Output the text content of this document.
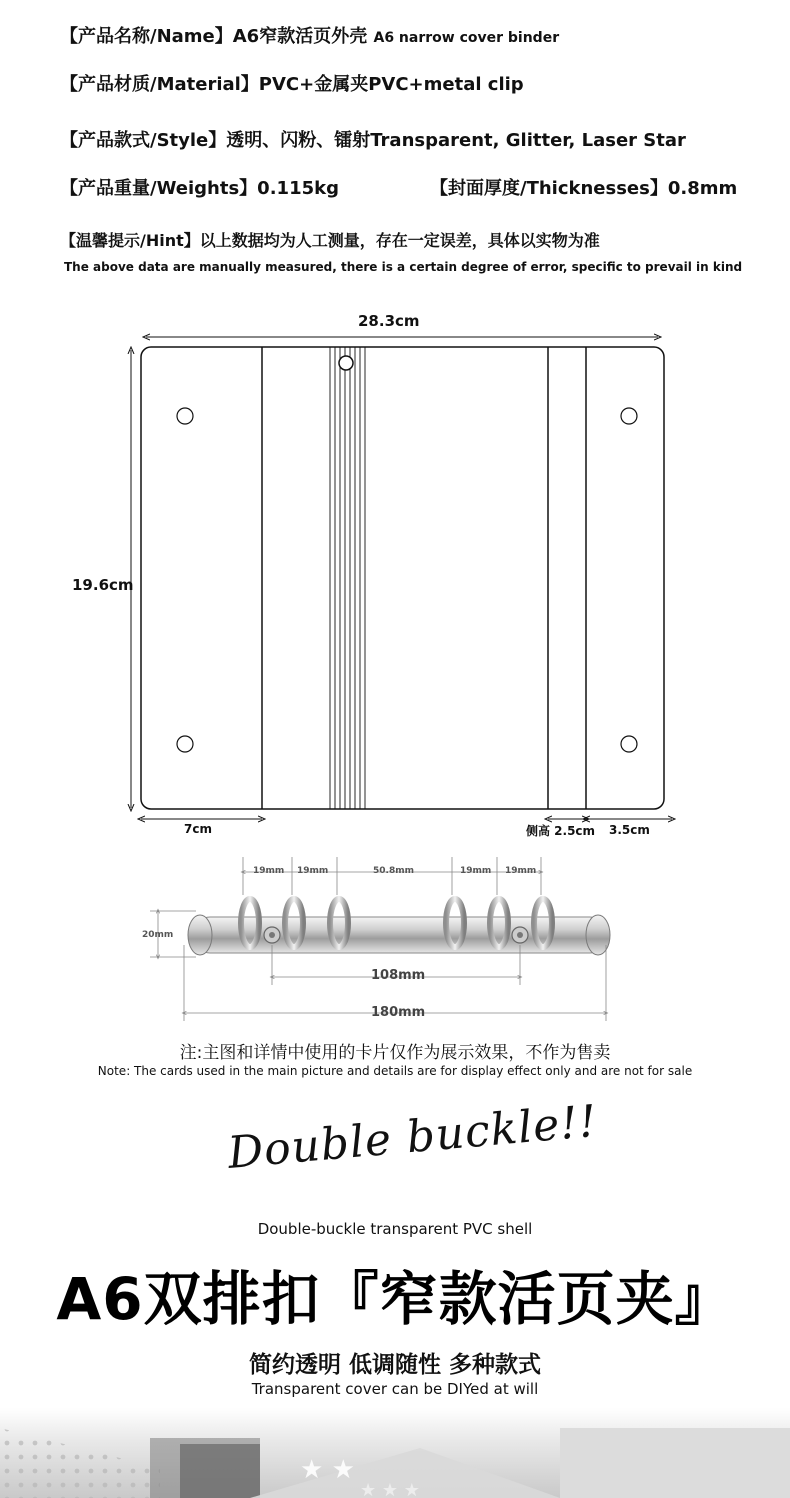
【产品名称/Name】A6窄款活页外壳 A6 narrow cover binder
【产品材质/Material】PVC+金属夹PVC+metal clip
【产品款式/Style】透明、闪粉、镭射Transparent, Glitter, Laser Star
【产品重量/Weights】0.115kg	【封面厚度/Thicknesses】0.8mm
【温馨提示/Hint】以上数据均为人工测量，存在一定误差，具体以实物为准
The above data are manually measured, there is a certain degree of error, specific to prevail in kind
28.3cm
19.6cm
7cm	侧高 2.5cm 3.5cm
19mm 19mm	50.8mm	19mm 19mm
20mm
108mm
180mm
注:主图和详情中使用的卡片仅作为展示效果，不作为售卖
Note: The cards used in the main picture and details are for display effect only and are not for sale
Double buckle!!
Double-buckle transparent PVC shell
A6双排扣『窄款活页夹』
简约透明 低调随性 多种款式
Transparent cover can be DIYed at will
★ ★
★ ★ ★
